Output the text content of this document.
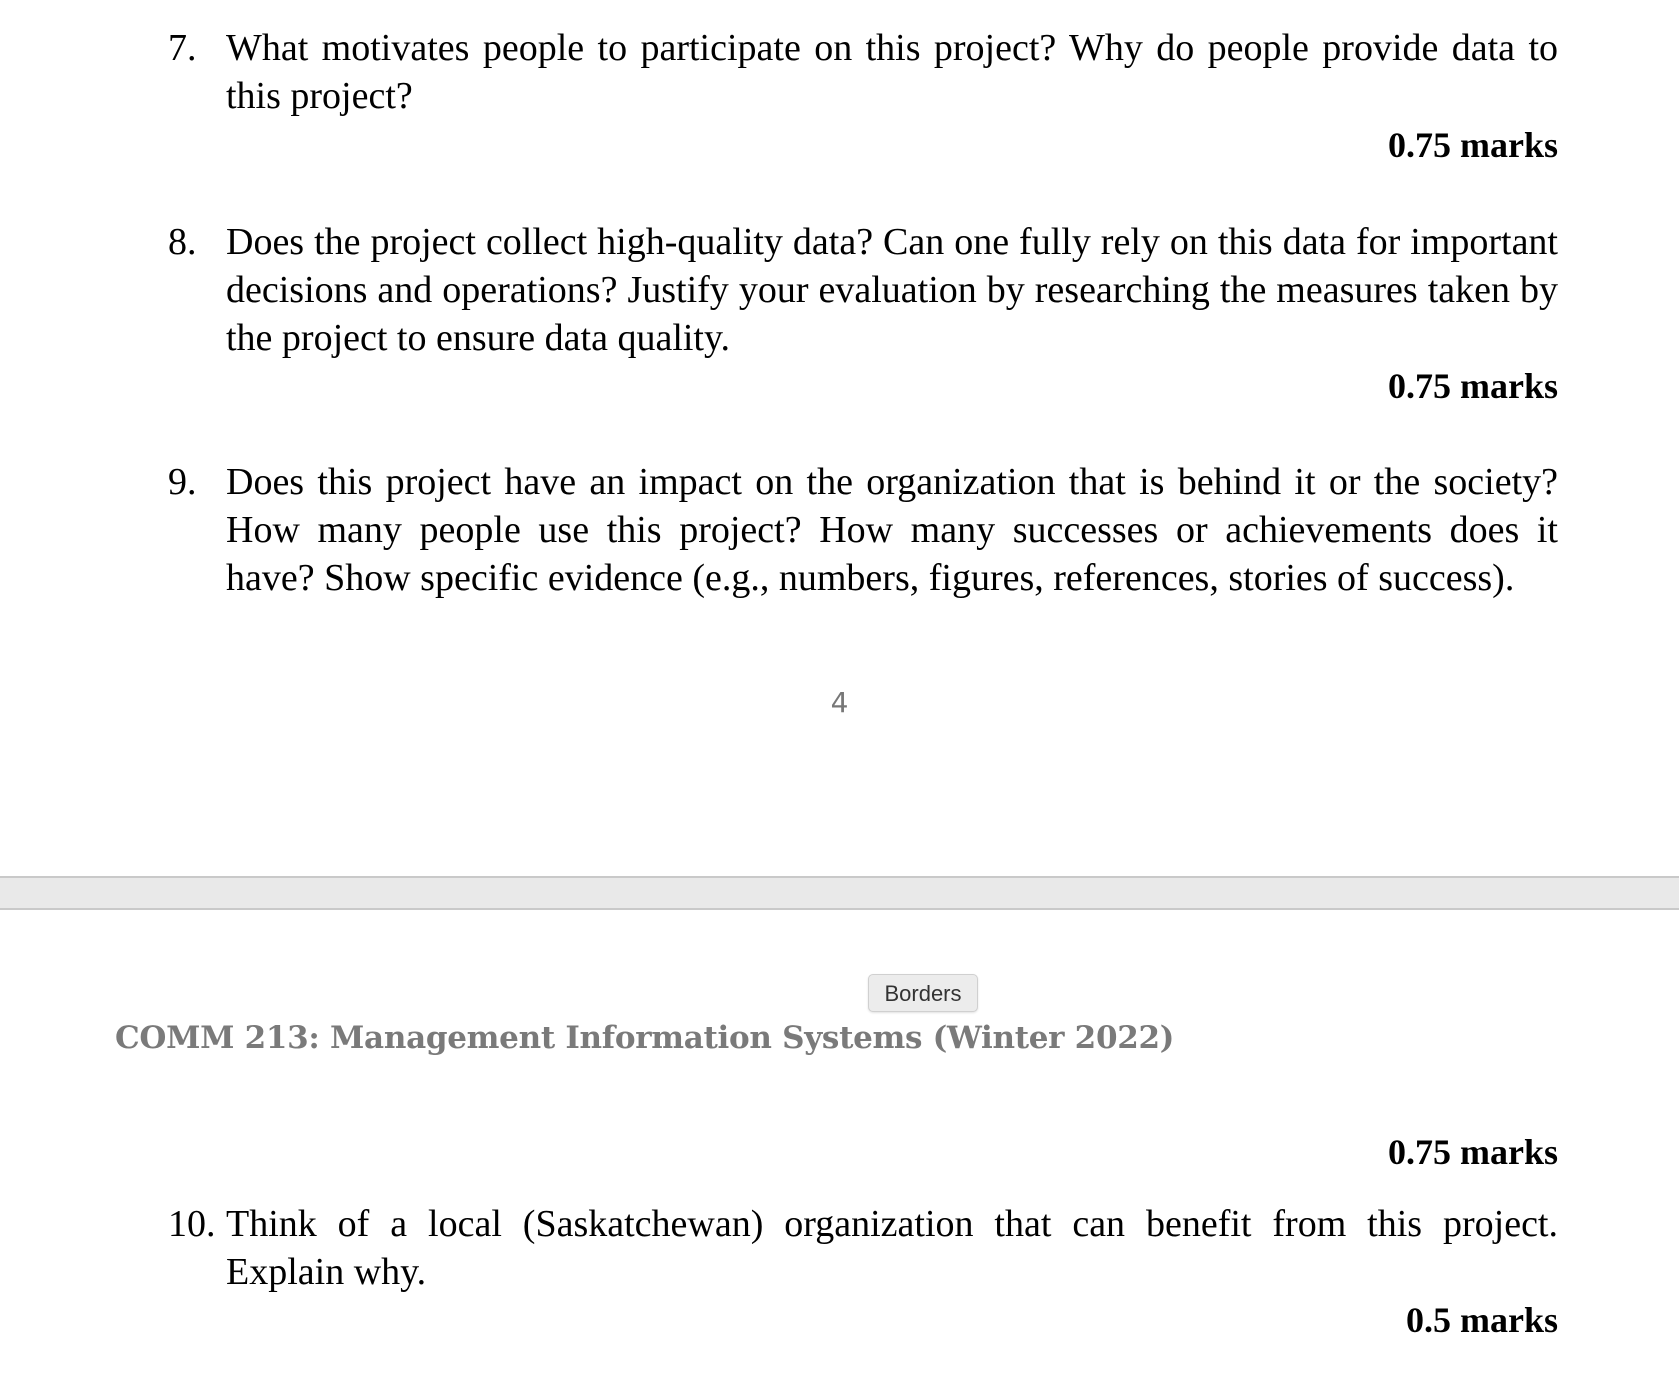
7. What motivates people to participate on this project? Why do people provide data to this project?
0.75 marks
8. Does the project collect high-quality data? Can one fully rely on this data for important decisions and operations? Justify your evaluation by researching the measures taken by the project to ensure data quality.
0.75 marks
9. Does this project have an impact on the organization that is behind it or the society? How many people use this project? How many successes or achievements does it have? Show specific evidence (e.g., numbers, figures, references, stories of success).
4
Borders
COMM 213: Management Information Systems (Winter 2022)
0.75 marks
10. Think of a local (Saskatchewan) organization that can benefit from this project. Explain why.
0.5 marks
